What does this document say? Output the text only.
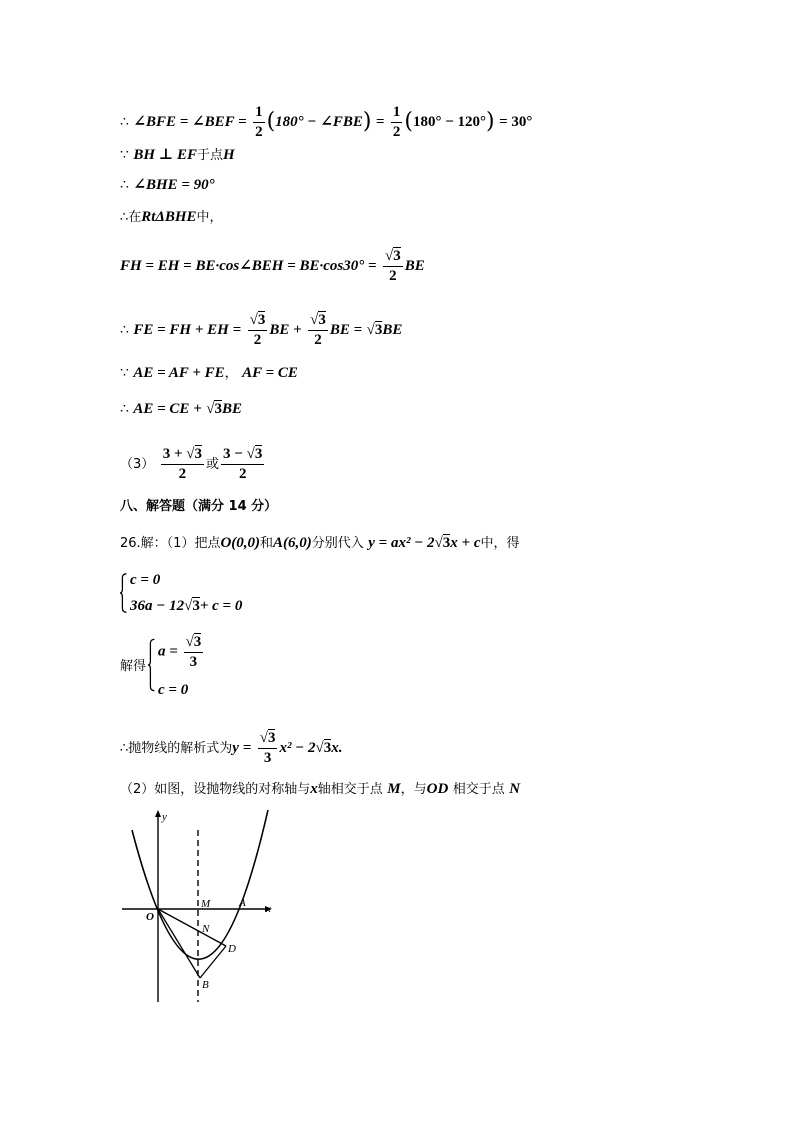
∴ ∠BFE = ∠BEF = $\frac{1}{2} (180^\circ$ − ∠FBE) = $\frac{1}{2} (180^\circ - 120^\circ) = 30^\circ$
∵ BH ⊥ EF于点H
∴ ∠BHE = 90°
∴在RtΔBHE中，
FH = EH = BE·cos∠BEH = $BE\cdot\cos 30^\circ = \frac{√3}{2}$ BE
∴ FE = FH + EH = $\frac{√3}{2}$ BE + $\frac{√3}{2}$ BE = √3BE
∵ AE = AF + FE， AF = CE
∴ AE = CE + √3BE
$(3) \frac{3 + √3}{2}$ 或 $\frac{3 - √3}{2}$
八、解答题（满分 14 分）
26.解：（1）把点O(0,0)和A(6,0)分别代入 y = ax² − 2√3x + c中，得
c = 0
36a − 12√3+ c = 0
解得
$a = \frac{√3}{3}$
c = 0
∴抛物线的解析式为$y = \frac{√3}{3} x^2 - 2√3x$.
（2）如图，设抛物线的对称轴与x轴相交于点 M，与OD 相交于点 N
y
x
O
M	A
N
D
B
